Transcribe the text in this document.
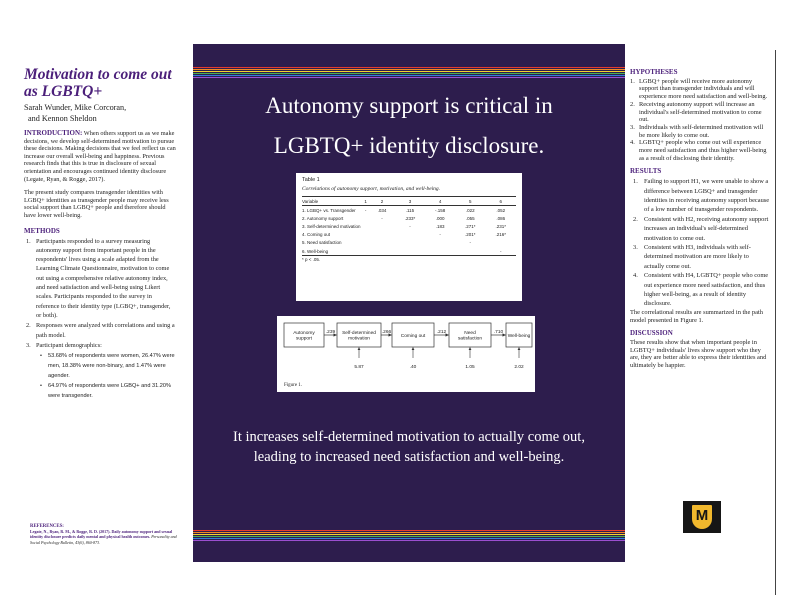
Motivation to come out as LGBTQ+
Sarah Wunder, Mike Corcoran,
and Kennon Sheldon

INTRODUCTION: When others support us as we make decisions, we develop self-determined motivation to pursue these decisions. Making decisions that we feel reflect us can increase our overall well-being and happiness. Previous research finds that this is true in disclosure of sexual orientation and encourages continued identity disclosure (Legate, Ryan, & Rogge, 2017).

The present study compares transgender identities with LGBQ+ identities as transgender people may receive less social support than LGBQ+ people and therefore should have lower well-being.

METHODS
1. Participants responded to a survey measuring autonomy support from important people in the respondents' lives using a scale adapted from the Learning Climate Questionnaire, motivation to come out using a comprehensive relative autonomy index, and need satisfaction and well-being using Likert scales. Participants responded to the survey in reference to their identity type (LGBQ+, transgender, or both).
2. Responses were analyzed with correlations and using a path model.
3. Participant demographics:
• 53.68% of respondents were women, 26.47% were men, 18.38% were non-binary, and 1.47% were agender.
• 64.97% of respondents were LGBQ+ and 31.20% were transgender.
REFERENCES:
Legate, N., Ryan, R. M., & Rogge, R. D. (2017). Daily autonomy support and sexual identity disclosure predicts daily mental and physical health outcomes. Personality and Social Psychology Bulletin, 43(6), 860-873.
Autonomy support is critical in LGBTQ+ identity disclosure.
Table 1
Correlations of autonomy support, motivation, and well-being.
Variable	1	2	3	4	5	6
1. LGBQ+ vs. Transgender	-	.034	.115	-.158	.022	.052
2. Autonomy support		-	.233*	.000	.055	.086
3. Self-determined motivation			-	.183	.271*	.231*
4. Coming out				-	.201*	.216*
5. Need satisfaction					-	
6. Well-being						-
* p < .05.
Autonomy support
Self-determined motivation
Coming out
Need satisfaction
Well-being
.239	.266	.212	.710
5.87	.40	1.05	2.02
Figure 1.
It increases self-determined motivation to actually come out, leading to increased need satisfaction and well-being.
HYPOTHESES
1. LGBQ+ people will receive more autonomy support than transgender individuals and will experience more need satisfaction and well-being.
2. Receiving autonomy support will increase an individual's self-determined motivation to come out.
3. Individuals with self-determined motivation will be more likely to come out.
4. LGBTQ+ people who come out will experience more need satisfaction and thus higher well-being as a result of disclosing their identity.
RESULTS
1. Failing to support H1, we were unable to show a difference between LGBQ+ and transgender identities in receiving autonomy support because of a low number of transgender respondents.
2. Consistent with H2, receiving autonomy support increases an individual's self-determined motivation to come out.
3. Consistent with H3, individuals with self-determined motivation are more likely to actually come out.
4. Consistent with H4, LGBTQ+ people who come out experience more need satisfaction, and thus higher well-being, as a result of identity disclosure.

The correlational results are summarized in the path model presented in Figure 1.

DISCUSSION

These results show that when important people in LGBTQ+ individuals' lives show support who they are, they are better able to express their identities and ultimately be happier.

M
